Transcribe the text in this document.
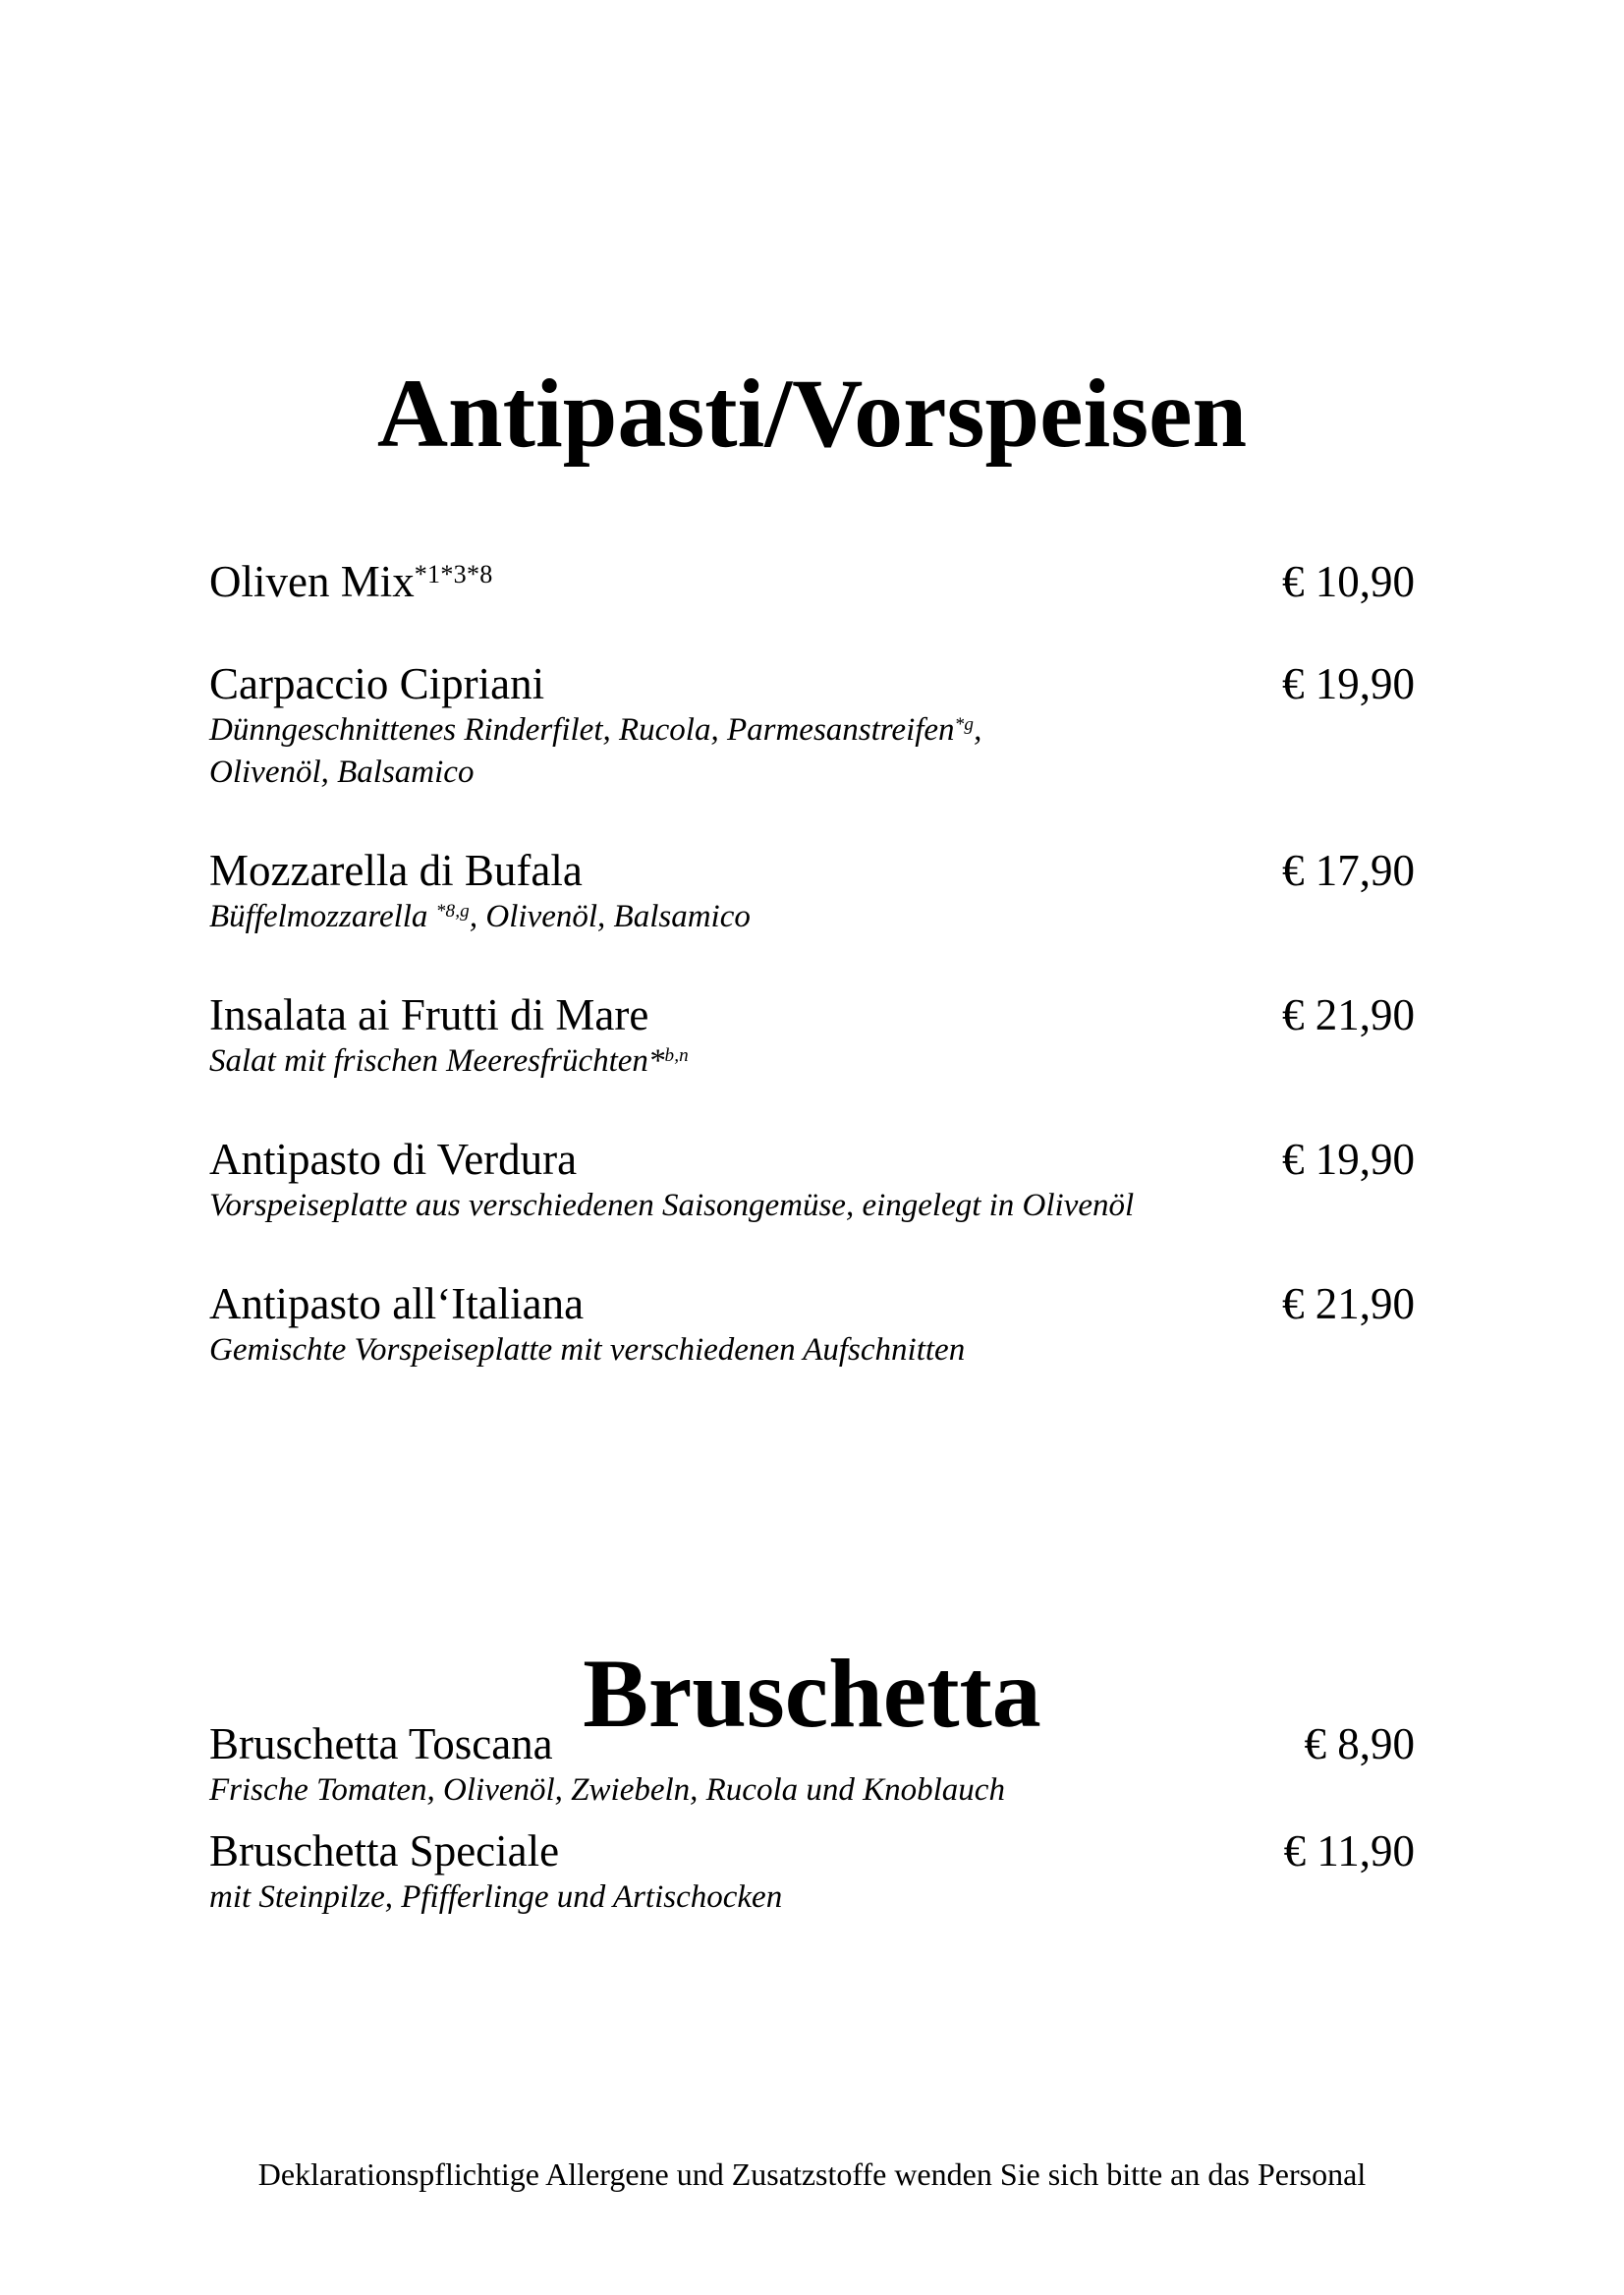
Antipasti/Vorspeisen
Oliven Mix$^{*1*3*8}$	€ 10,90
Carpaccio Cipriani	€ 19,90
Dünngeschnittenes Rinderfilet, Rucola, Parmesanstreifen$^{*g}$,
Olivenöl, Balsamico
Mozzarella di Bufala	€ 17,90
Büffelmozzarella $^{*8,g}$, Olivenöl, Balsamico
Insalata ai Frutti di Mare	€ 21,90
Salat mit frischen Meeresfrüchten*$^{b,n}$
Antipasto di Verdura	€ 19,90
Vorspeiseplatte aus verschiedenen Saisongemüse, eingelegt in Olivenöl
Antipasto all‘Italiana	€ 21,90
Gemischte Vorspeiseplatte mit verschiedenen Aufschnitten
Bruschetta
Bruschetta Toscana	€ 8,90
Frische Tomaten, Olivenöl, Zwiebeln, Rucola und Knoblauch
Bruschetta Speciale	€ 11,90
mit Steinpilze, Pfifferlinge und Artischocken
Deklarationspflichtige Allergene und Zusatzstoffe wenden Sie sich bitte an das Personal
